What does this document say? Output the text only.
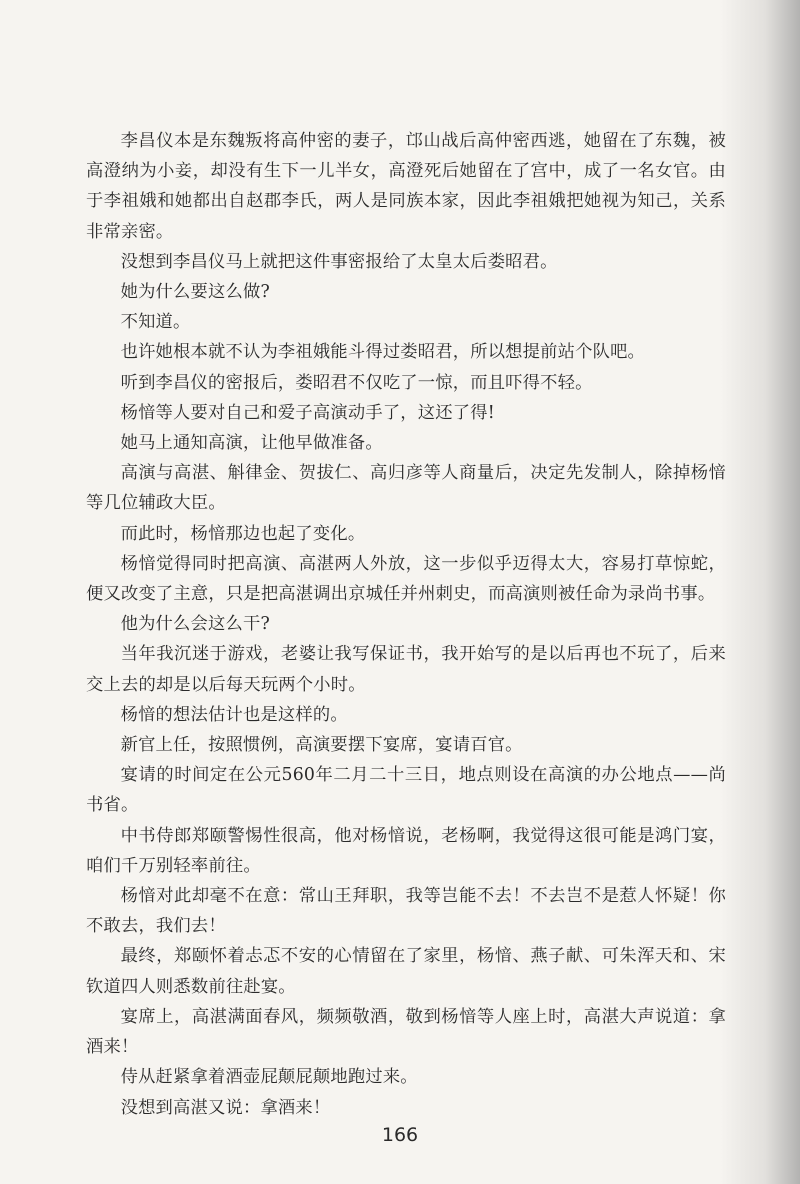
李昌仪本是东魏叛将高仲密的妻子，邙山战后高仲密西逃，她留在了东魏，被高澄纳为小妾，却没有生下一儿半女，高澄死后她留在了宫中，成了一名女官。由于李祖娥和她都出自赵郡李氏，两人是同族本家，因此李祖娥把她视为知己，关系非常亲密。

没想到李昌仪马上就把这件事密报给了太皇太后娄昭君。

她为什么要这么做?

不知道。

也许她根本就不认为李祖娥能斗得过娄昭君，所以想提前站个队吧。

听到李昌仪的密报后，娄昭君不仅吃了一惊，而且吓得不轻。

杨愔等人要对自己和爱子高演动手了，这还了得!

她马上通知高演，让他早做准备。

高演与高湛、斛律金、贺拔仁、高归彦等人商量后，决定先发制人，除掉杨愔等几位辅政大臣。

而此时，杨愔那边也起了变化。

杨愔觉得同时把高演、高湛两人外放，这一步似乎迈得太大，容易打草惊蛇，便又改变了主意，只是把高湛调出京城任并州刺史，而高演则被任命为录尚书事。

他为什么会这么干?

当年我沉迷于游戏，老婆让我写保证书，我开始写的是以后再也不玩了，后来交上去的却是以后每天玩两个小时。

杨愔的想法估计也是这样的。

新官上任，按照惯例，高演要摆下宴席，宴请百官。

宴请的时间定在公元560年二月二十三日，地点则设在高演的办公地点——尚书省。

中书侍郎郑颐警惕性很高，他对杨愔说，老杨啊，我觉得这很可能是鸿门宴，咱们千万别轻率前往。

杨愔对此却毫不在意：常山王拜职，我等岂能不去！不去岂不是惹人怀疑！你不敢去，我们去！

最终，郑颐怀着忐忑不安的心情留在了家里，杨愔、燕子献、可朱浑天和、宋钦道四人则悉数前往赴宴。

宴席上，高湛满面春风，频频敬酒，敬到杨愔等人座上时，高湛大声说道：拿酒来！

侍从赶紧拿着酒壶屁颠屁颠地跑过来。

没想到高湛又说：拿酒来！

166
